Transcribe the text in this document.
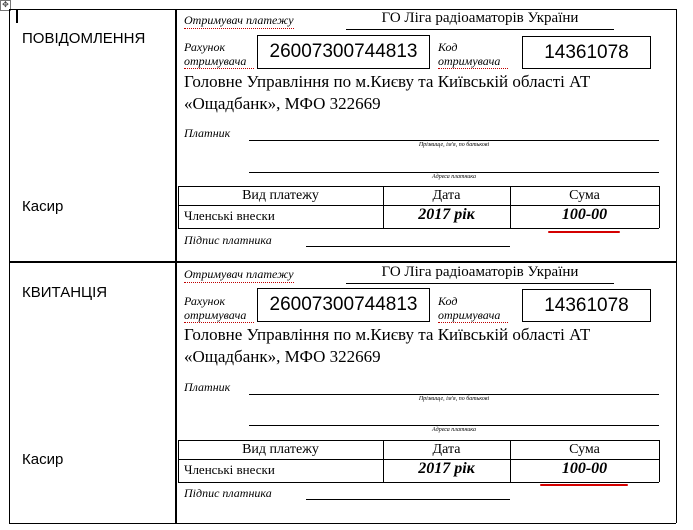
✥
ПОВІДОМЛЕННЯ
Касир
Отримувач платежу	ГО Ліга радіоаматорів України
Рахунок отримувача	26007300744813	Код отримувача	14361078
Головне Управління по м.Києву та Київській області АТ «Ощадбанк», МФО 322669
Платник
Прізвище, ім'я, по батькові
Адреса платника
Вид платежу	Дата	Сума
Членські внески	2017 рік	100-00
Підпис платника
КВИТАНЦІЯ
Касир
Отримувач платежу	ГО Ліга радіоаматорів України
Рахунок отримувача	26007300744813	Код отримувача	14361078
Головне Управління по м.Києву та Київській області АТ «Ощадбанк», МФО 322669
Платник
Прізвище, ім'я, по батькові
Адреса платника
Вид платежу	Дата	Сума
Членські внески	2017 рік	100-00
Підпис платника
